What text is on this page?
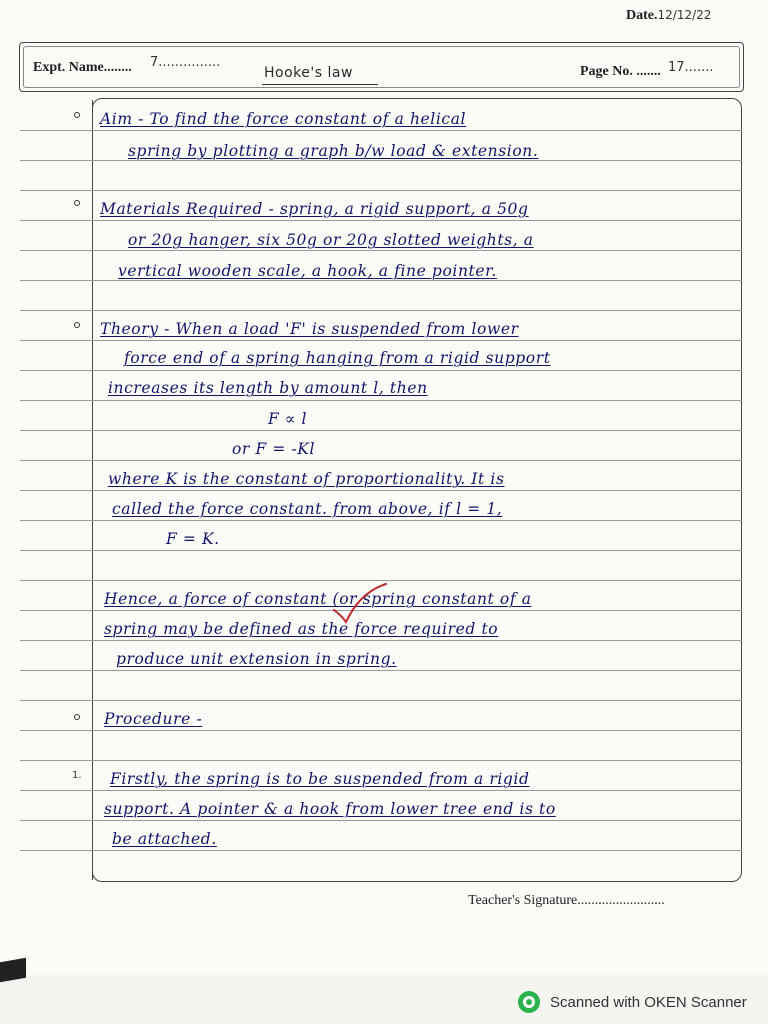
Date.12/12/22
Expt. Name........ 7...............
Hooke's law	Page No. ....... 17.......
1.
Aim - To find the force constant of a helical
spring by plotting a graph b/w load & extension.
Materials Required - spring, a rigid support, a 50g
or 20g hanger, six 50g or 20g slotted weights, a
vertical wooden scale, a hook, a fine pointer.
Theory - When a load 'F' is suspended from lower
force end of a spring hanging from a rigid support
increases its length by amount l, then
F ∝ l
or F = -Kl
where K is the constant of proportionality. It is
called the force constant. from above, if l = 1,
F = K.
Hence, a force of constant (or spring constant of a
spring may be defined as the force required to
produce unit extension in spring.
Procedure -
Firstly, the spring is to be suspended from a rigid
support. A pointer & a hook from lower tree end is to
be attached.
Teacher's Signature.........................
Scanned with OKEN Scanner
